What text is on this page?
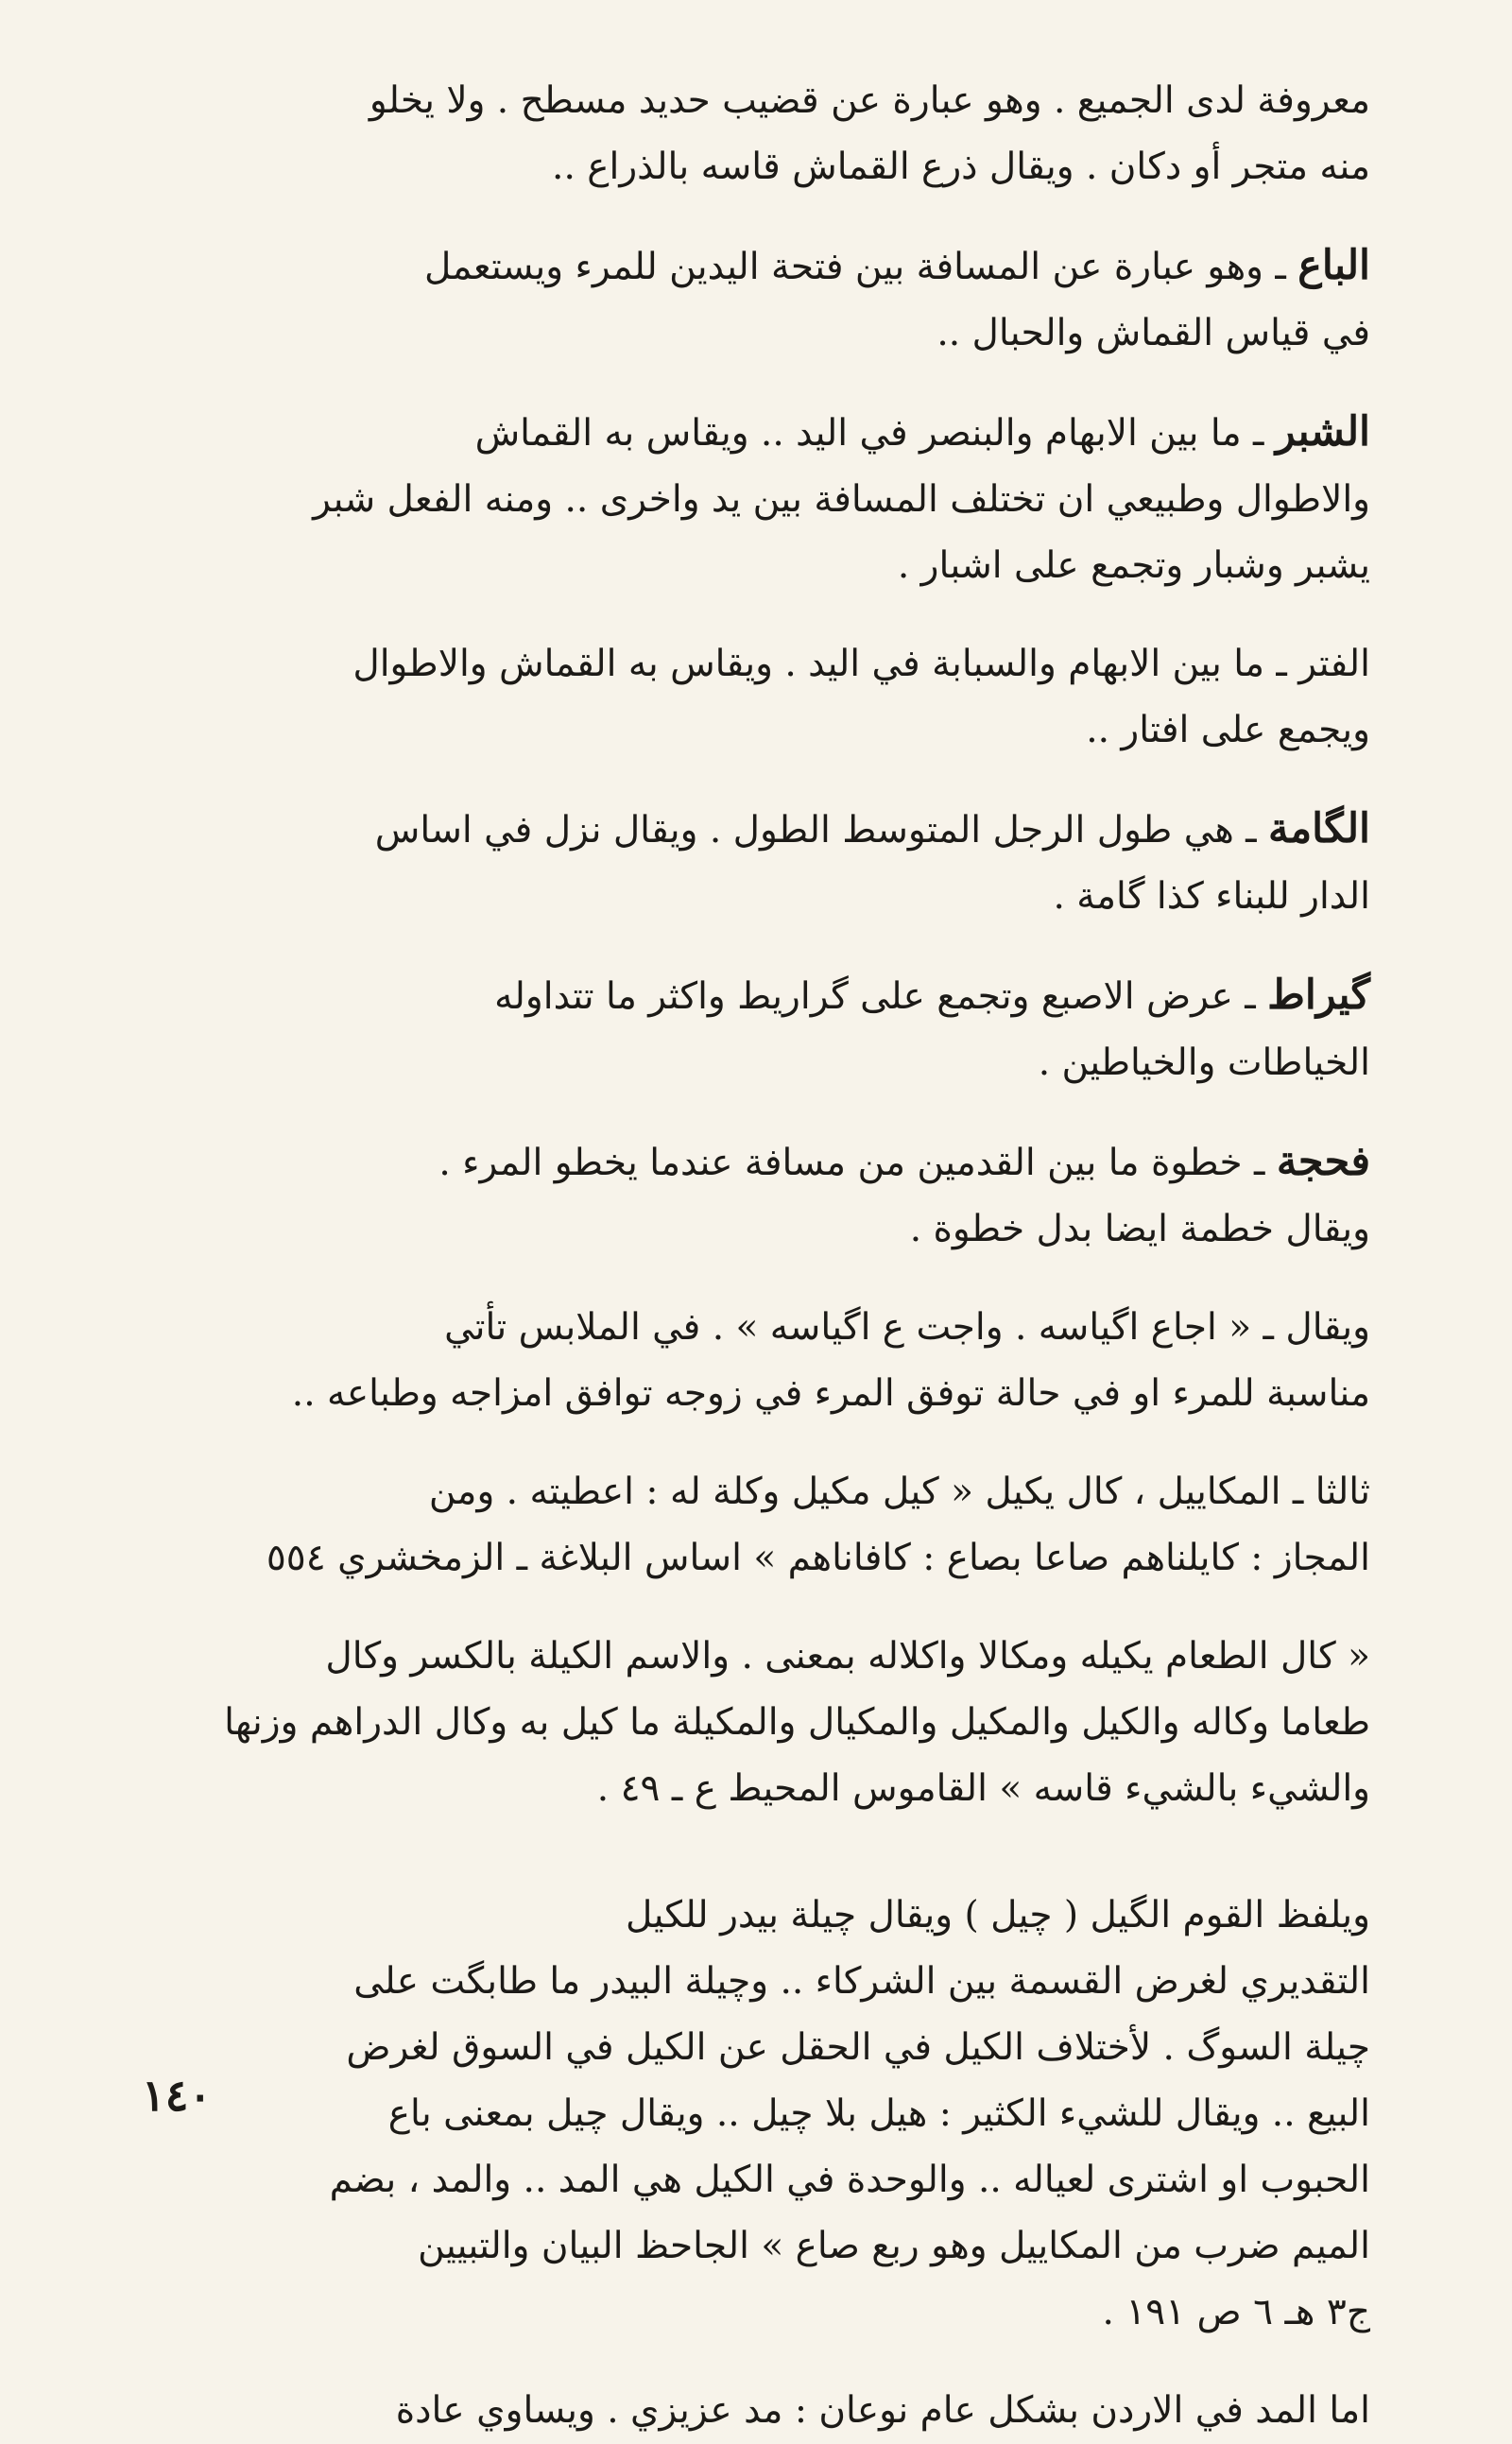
معروفة لدى الجميع . وهو عبارة عن قضيب حديد مسطح . ولا يخلو
منه متجر أو دكان . ويقال ذرع القماش قاسه بالذراع ..

الباع ـ وهو عبارة عن المسافة بين فتحة اليدين للمرء ويستعمل
في قياس القماش والحبال ..

الشبر ـ ما بين الابهام والبنصر في اليد .. ويقاس به القماش
والاطوال وطبيعي ان تختلف المسافة بين يد واخرى .. ومنه الفعل شبر
يشبر وشبار وتجمع على اشبار .

الفتر ـ ما بين الابهام والسبابة في اليد . ويقاس به القماش والاطوال
ويجمع على افتار ..

الگامة ـ هي طول الرجل المتوسط الطول . ويقال نزل في اساس
الدار للبناء كذا گامة .

گيراط ـ عرض الاصبع وتجمع على گراريط واكثر ما تتداوله
الخياطات والخياطين .

فحجة ـ خطوة ما بين القدمين من مسافة عندما يخطو المرء .
ويقال خطمة ايضا بدل خطوة .

ويقال ـ « اجاع اگياسه . واجت ع اگياسه » . في الملابس تأتي
مناسبة للمرء او في حالة توفق المرء في زوجه توافق امزاجه وطباعه ..

ثالثا ـ المكاييل ، كال يكيل « كيل مكيل وكلة له : اعطيته . ومن
المجاز : كايلناهم صاعا بصاع : كافاناهم » اساس البلاغة ـ الزمخشري ٥٥٤

« كال الطعام يكيله ومكالا واكلاله بمعنى . والاسم الكيلة بالكسر وكال
طعاما وكاله والكيل والمكيل والمكيال والمكيلة ما كيل به وكال الدراهم وزنها
والشيء بالشيء قاسه » القاموس المحيط ع ـ ٤٩ .

ويلفظ القوم الگيل ( چيل ) ويقال چيلة بيدر للكيل
التقديري لغرض القسمة بين الشركاء .. وچيلة البيدر ما طابگت على
چيلة السوگ . لأختلاف الكيل في الحقل عن الكيل في السوق لغرض
البيع .. ويقال للشيء الكثير : هيل بلا چيل .. ويقال چيل بمعنى باع
الحبوب او اشترى لعياله .. والوحدة في الكيل هي المد .. والمد ، بضم
الميم ضرب من المكاييل وهو ربع صاع » الجاحظ البيان والتبيين
ج٣ هـ ٦ ص ١٩١ .

اما المد في الاردن بشكل عام نوعان : مد عزيزي . ويساوي عادة

١٤٠
